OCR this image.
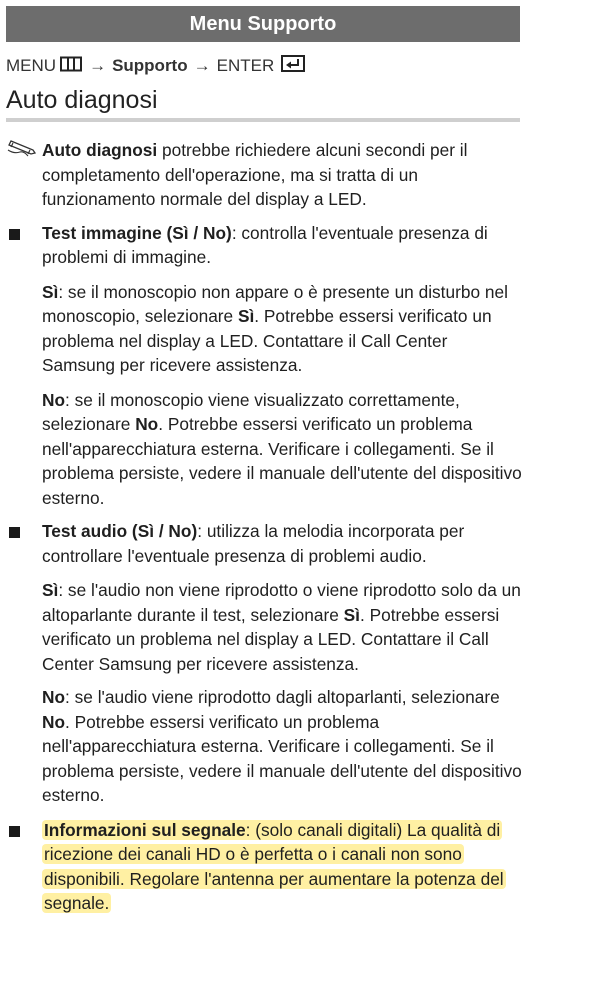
Menu Supporto
MENU → Supporto → ENTER
Auto diagnosi

Auto diagnosi potrebbe richiedere alcuni secondi per il completamento dell'operazione, ma si tratta di un funzionamento normale del display a LED.

Test immagine (Sì / No): controlla l'eventuale presenza di problemi di immagine.

Sì: se il monoscopio non appare o è presente un disturbo nel monoscopio, selezionare Sì. Potrebbe essersi verificato un problema nel display a LED. Contattare il Call Center Samsung per ricevere assistenza.

No: se il monoscopio viene visualizzato correttamente, selezionare No. Potrebbe essersi verificato un problema nell'apparecchiatura esterna. Verificare i collegamenti. Se il problema persiste, vedere il manuale dell'utente del dispositivo esterno.

Test audio (Sì / No): utilizza la melodia incorporata per controllare l'eventuale presenza di problemi audio.

Sì: se l'audio non viene riprodotto o viene riprodotto solo da un altoparlante durante il test, selezionare Sì. Potrebbe essersi verificato un problema nel display a LED. Contattare il Call Center Samsung per ricevere assistenza.

No: se l'audio viene riprodotto dagli altoparlanti, selezionare No. Potrebbe essersi verificato un problema nell'apparecchiatura esterna. Verificare i collegamenti. Se il problema persiste, vedere il manuale dell'utente del dispositivo esterno.

Informazioni sul segnale: (solo canali digitali) La qualità di ricezione dei canali HD o è perfetta o i canali non sono disponibili. Regolare l'antenna per aumentare la potenza del segnale.
